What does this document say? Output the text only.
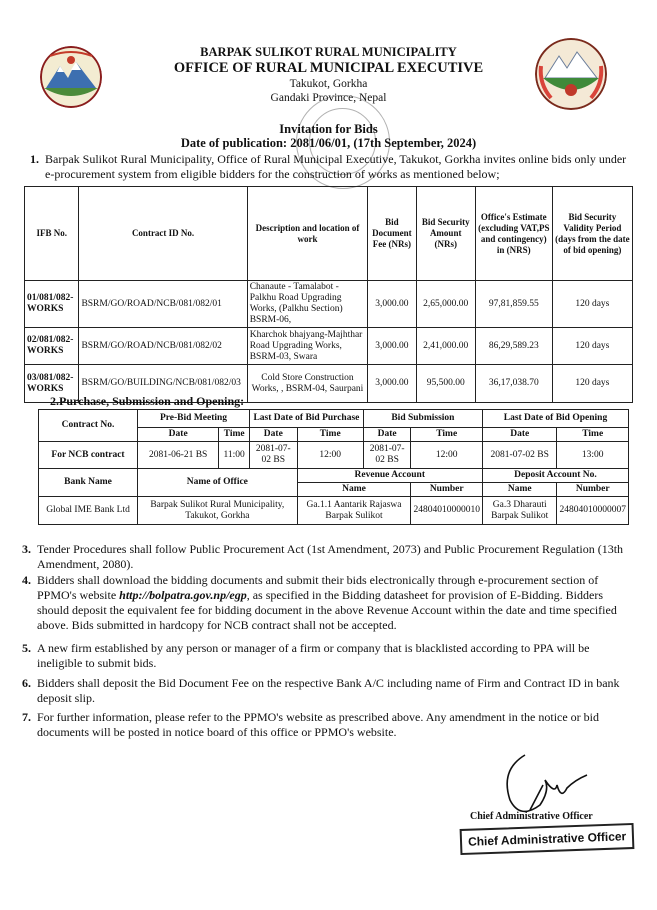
BARPAK SULIKOT RURAL MUNICIPALITY
OFFICE OF RURAL MUNICIPAL EXECUTIVE
Takukot, Gorkha
Gandaki Province, Nepal
Invitation for Bids
Date of publication: 2081/06/01, (17th September, 2024)
1. Barpak Sulikot Rural Municipality, Office of Rural Municipal Executive, Takukot, Gorkha invites online bids only under e-procurement system from eligible bidders for the construction of works as mentioned below;
IFB No.	Contract ID No.	Description and location of work	Bid Document Fee (NRs)	Bid Security Amount (NRs)	Office's Estimate (excluding VAT,PS and contingency) in (NRS)	Bid Security Validity Period (days from the date of bid opening)
01/081/082-WORKS	BSRM/GO/ROAD/NCB/081/082/01	Chanaute - Tamalabot - Palkhu Road Upgrading Works, (Palkhu Section) BSRM-06,	3,000.00	2,65,000.00	97,81,859.55	120 days
02/081/082-WORKS	BSRM/GO/ROAD/NCB/081/082/02	Kharchok bhajyang-Majhthar Road Upgrading Works, BSRM-03, Swara	3,000.00	2,41,000.00	86,29,589.23	120 days
03/081/082-WORKS	BSRM/GO/BUILDING/NCB/081/082/03	Cold Store Construction Works, , BSRM-04, Saurpani	3,000.00	95,500.00	36,17,038.70	120 days
2.Purchase, Submission and Opening:
Contract No.	Pre-Bid Meeting		Last Date of Bid Purchase		Bid Submission		Last Date of Bid Opening	
	Date	Time	Date	Time	Date	Time	Date	Time
For NCB contract	2081-06-21 BS	11:00	2081-07-02 BS	12:00	2081-07-02 BS	12:00	2081-07-02 BS	13:00
Bank Name	Name of Office			Revenue Account			Deposit Account No.	
				Name		Number	Name	Number
Global IME Bank Ltd	Barpak Sulikot Rural Municipality, Takukot, Gorkha			Ga.1.1 Aantarik Rajaswa Barpak Sulikot		24804010000010	Ga.3 Dharauti Barpak Sulikot	24804010000007
3. Tender Procedures shall follow Public Procurement Act (1st Amendment, 2073) and Public Procurement Regulation (13th Amendment, 2080).
4. Bidders shall download the bidding documents and submit their bids electronically through e-procurement section of PPMO's website http://bolpatra.gov.np/egp, as specified in the Bidding datasheet for provision of E-Bidding. Bidders should deposit the equivalent fee for bidding document in the above Revenue Account within the date and time specified above. Bids submitted in hardcopy for NCB contract shall not be accepted.
5. A new firm established by any person or manager of a firm or company that is blacklisted according to PPA will be ineligible to submit bids.
6. Bidders shall deposit the Bid Document Fee on the respective Bank A/C including name of Firm and Contract ID in bank deposit slip.
7. For further information, please refer to the PPMO's website as prescribed above. Any amendment in the notice or bid documents will be posted in notice board of this office or PPMO's website.
Chief Administrative Officer
Chief Administrative Officer
